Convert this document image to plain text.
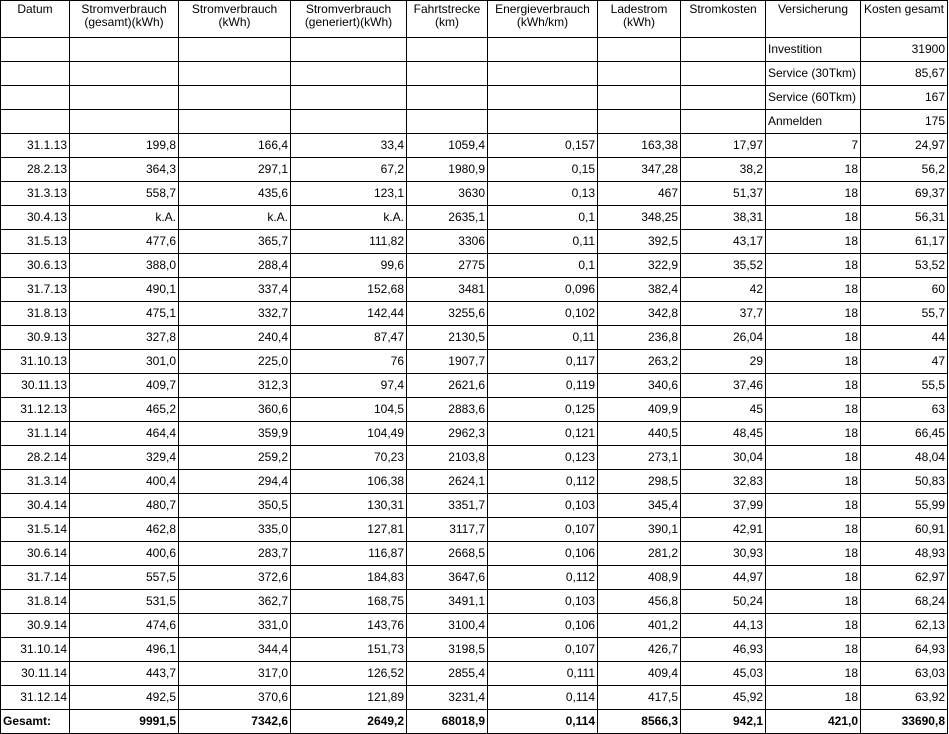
Datum	Stromverbrauch (gesamt)(kWh)	Stromverbrauch (kWh)	Stromverbrauch (generiert)(kWh)	Fahrtstrecke (km)	Energieverbrauch (kWh/km)	Ladestrom (kWh)	Stromkosten	Versicherung	Kosten gesamt
								Investition	31900
								Service (30Tkm)	85,67
								Service (60Tkm)	167
								Anmelden	175
31.1.13	199,8	166,4	33,4	1059,4	0,157	163,38	17,97	7	24,97
28.2.13	364,3	297,1	67,2	1980,9	0,15	347,28	38,2	18	56,2
31.3.13	558,7	435,6	123,1	3630	0,13	467	51,37	18	69,37
30.4.13	k.A.	k.A.	k.A.	2635,1	0,1	348,25	38,31	18	56,31
31.5.13	477,6	365,7	111,82	3306	0,11	392,5	43,17	18	61,17
30.6.13	388,0	288,4	99,6	2775	0,1	322,9	35,52	18	53,52
31.7.13	490,1	337,4	152,68	3481	0,096	382,4	42	18	60
31.8.13	475,1	332,7	142,44	3255,6	0,102	342,8	37,7	18	55,7
30.9.13	327,8	240,4	87,47	2130,5	0,11	236,8	26,04	18	44
31.10.13	301,0	225,0	76	1907,7	0,117	263,2	29	18	47
30.11.13	409,7	312,3	97,4	2621,6	0,119	340,6	37,46	18	55,5
31.12.13	465,2	360,6	104,5	2883,6	0,125	409,9	45	18	63
31.1.14	464,4	359,9	104,49	2962,3	0,121	440,5	48,45	18	66,45
28.2.14	329,4	259,2	70,23	2103,8	0,123	273,1	30,04	18	48,04
31.3.14	400,4	294,4	106,38	2624,1	0,112	298,5	32,83	18	50,83
30.4.14	480,7	350,5	130,31	3351,7	0,103	345,4	37,99	18	55,99
31.5.14	462,8	335,0	127,81	3117,7	0,107	390,1	42,91	18	60,91
30.6.14	400,6	283,7	116,87	2668,5	0,106	281,2	30,93	18	48,93
31.7.14	557,5	372,6	184,83	3647,6	0,112	408,9	44,97	18	62,97
31.8.14	531,5	362,7	168,75	3491,1	0,103	456,8	50,24	18	68,24
30.9.14	474,6	331,0	143,76	3100,4	0,106	401,2	44,13	18	62,13
31.10.14	496,1	344,4	151,73	3198,5	0,107	426,7	46,93	18	64,93
30.11.14	443,7	317,0	126,52	2855,4	0,111	409,4	45,03	18	63,03
31.12.14	492,5	370,6	121,89	3231,4	0,114	417,5	45,92	18	63,92
Gesamt:	9991,5	7342,6	2649,2	68018,9	0,114	8566,3	942,1	421,0	33690,8
